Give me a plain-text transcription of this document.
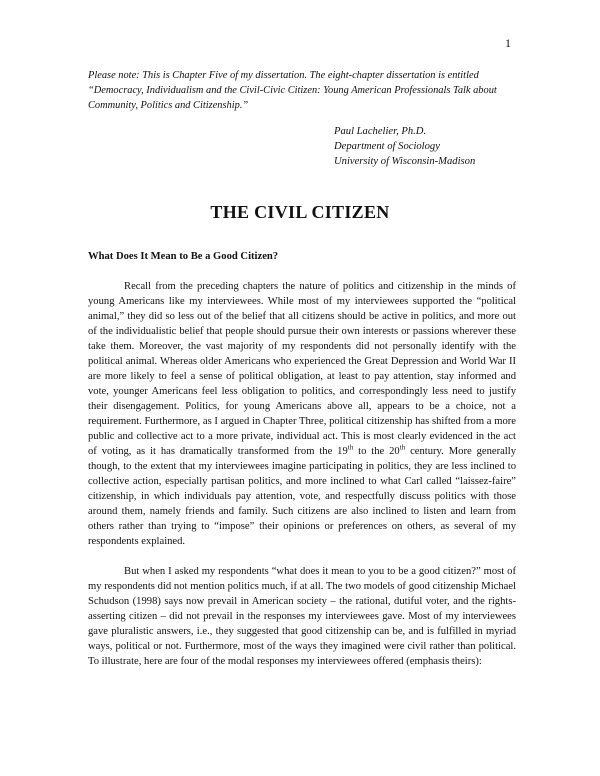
1
Please note: This is Chapter Five of my dissertation. The eight-chapter dissertation is entitled “Democracy, Individualism and the Civil-Civic Citizen: Young American Professionals Talk about Community, Politics and Citizenship.”
Paul Lachelier, Ph.D.
Department of Sociology
University of Wisconsin-Madison
THE CIVIL CITIZEN
What Does It Mean to Be a Good Citizen?
Recall from the preceding chapters the nature of politics and citizenship in the minds of young Americans like my interviewees. While most of my interviewees supported the “political animal,” they did so less out of the belief that all citizens should be active in politics, and more out of the individualistic belief that people should pursue their own interests or passions wherever these take them. Moreover, the vast majority of my respondents did not personally identify with the political animal. Whereas older Americans who experienced the Great Depression and World War II are more likely to feel a sense of political obligation, at least to pay attention, stay informed and vote, younger Americans feel less obligation to politics, and correspondingly less need to justify their disengagement. Politics, for young Americans above all, appears to be a choice, not a requirement. Furthermore, as I argued in Chapter Three, political citizenship has shifted from a more public and collective act to a more private, individual act. This is most clearly evidenced in the act of voting, as it has dramatically transformed from the 19th to the 20th century. More generally though, to the extent that my interviewees imagine participating in politics, they are less inclined to collective action, especially partisan politics, and more inclined to what Carl called “laissez-faire” citizenship, in which individuals pay attention, vote, and respectfully discuss politics with those around them, namely friends and family. Such citizens are also inclined to listen and learn from others rather than trying to “impose” their opinions or preferences on others, as several of my respondents explained.
But when I asked my respondents “what does it mean to you to be a good citizen?” most of my respondents did not mention politics much, if at all. The two models of good citizenship Michael Schudson (1998) says now prevail in American society – the rational, dutiful voter, and the rights-asserting citizen – did not prevail in the responses my interviewees gave. Most of my interviewees gave pluralistic answers, i.e., they suggested that good citizenship can be, and is fulfilled in myriad ways, political or not. Furthermore, most of the ways they imagined were civil rather than political. To illustrate, here are four of the modal responses my interviewees offered (emphasis theirs):
